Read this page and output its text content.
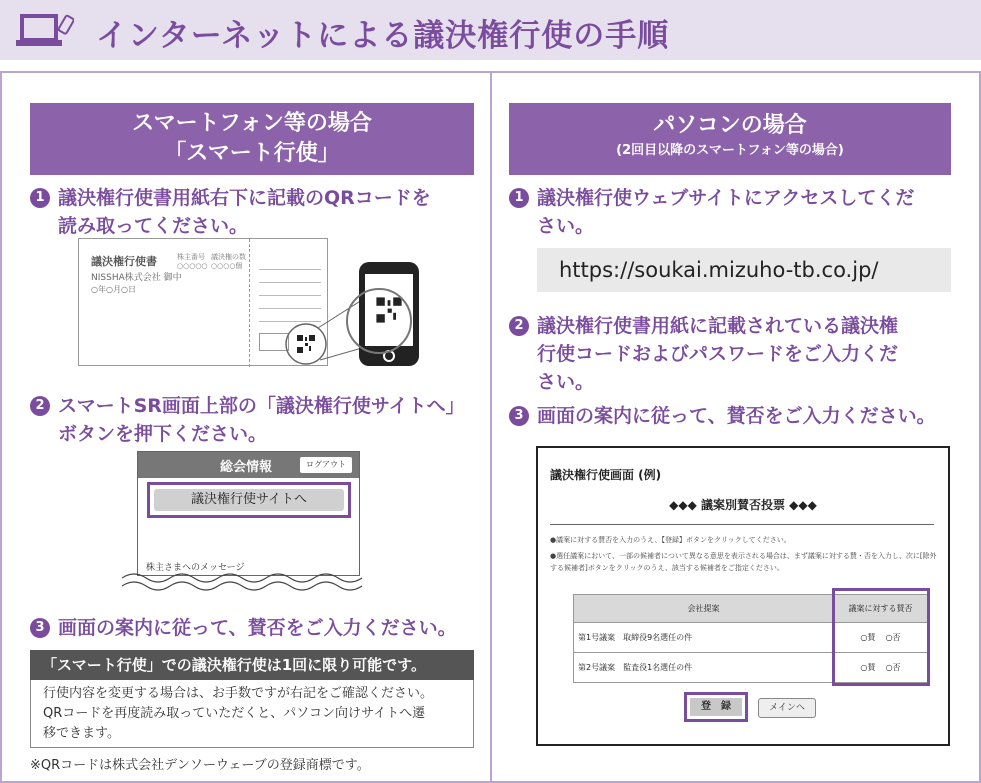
インターネットによる議決権行使の手順
スマートフォン等の場合
「スマート行使」
1 議決権行使書用紙右下に記載のQRコードを
読み取ってください。
議決権行使書
NISSHA株式会社 御中
○年○月○日
株主番号
○○○○○
議決権の数
○○○○個
2 スマートSR画面上部の「議決権行使サイトへ」
ボタンを押下ください。
総会情報	ログアウト
株主さまへのメッセージ
議決権行使サイトへ
3 画面の案内に従って、賛否をご入力ください。
「スマート行使」での議決権行使は1回に限り可能です。
行使内容を変更する場合は、お手数ですが右記をご確認ください。
QRコードを再度読み取っていただくと、パソコン向けサイトへ遷
移できます。
※QRコードは株式会社デンソーウェーブの登録商標です。
パソコンの場合
(2回目以降のスマートフォン等の場合)
1 議決権行使ウェブサイトにアクセスしてくだ
さい。
https://soukai.mizuho-tb.co.jp/
2 議決権行使書用紙に記載されている議決権
行使コードおよびパスワードをご入力くだ
さい。
3 画面の案内に従って、賛否をご入力ください。
議決権行使画面 (例)
◆◆◆ 議案別賛否投票 ◆◆◆
●議案に対する賛否を入力のうえ、【登録】ボタンをクリックしてください。
●選任議案において、一部の候補者について異なる意思を表示される場合は、まず議案に対する賛・否を入力し、次に[除外する候補者]ボタンをクリックのうえ、該当する候補者をご指定ください。
会社提案	議案に対する賛否
第1号議案　取締役9名選任の件	○賛 ○否
第2号議案　監査役1名選任の件	○賛 ○否
登　録	メインへ
